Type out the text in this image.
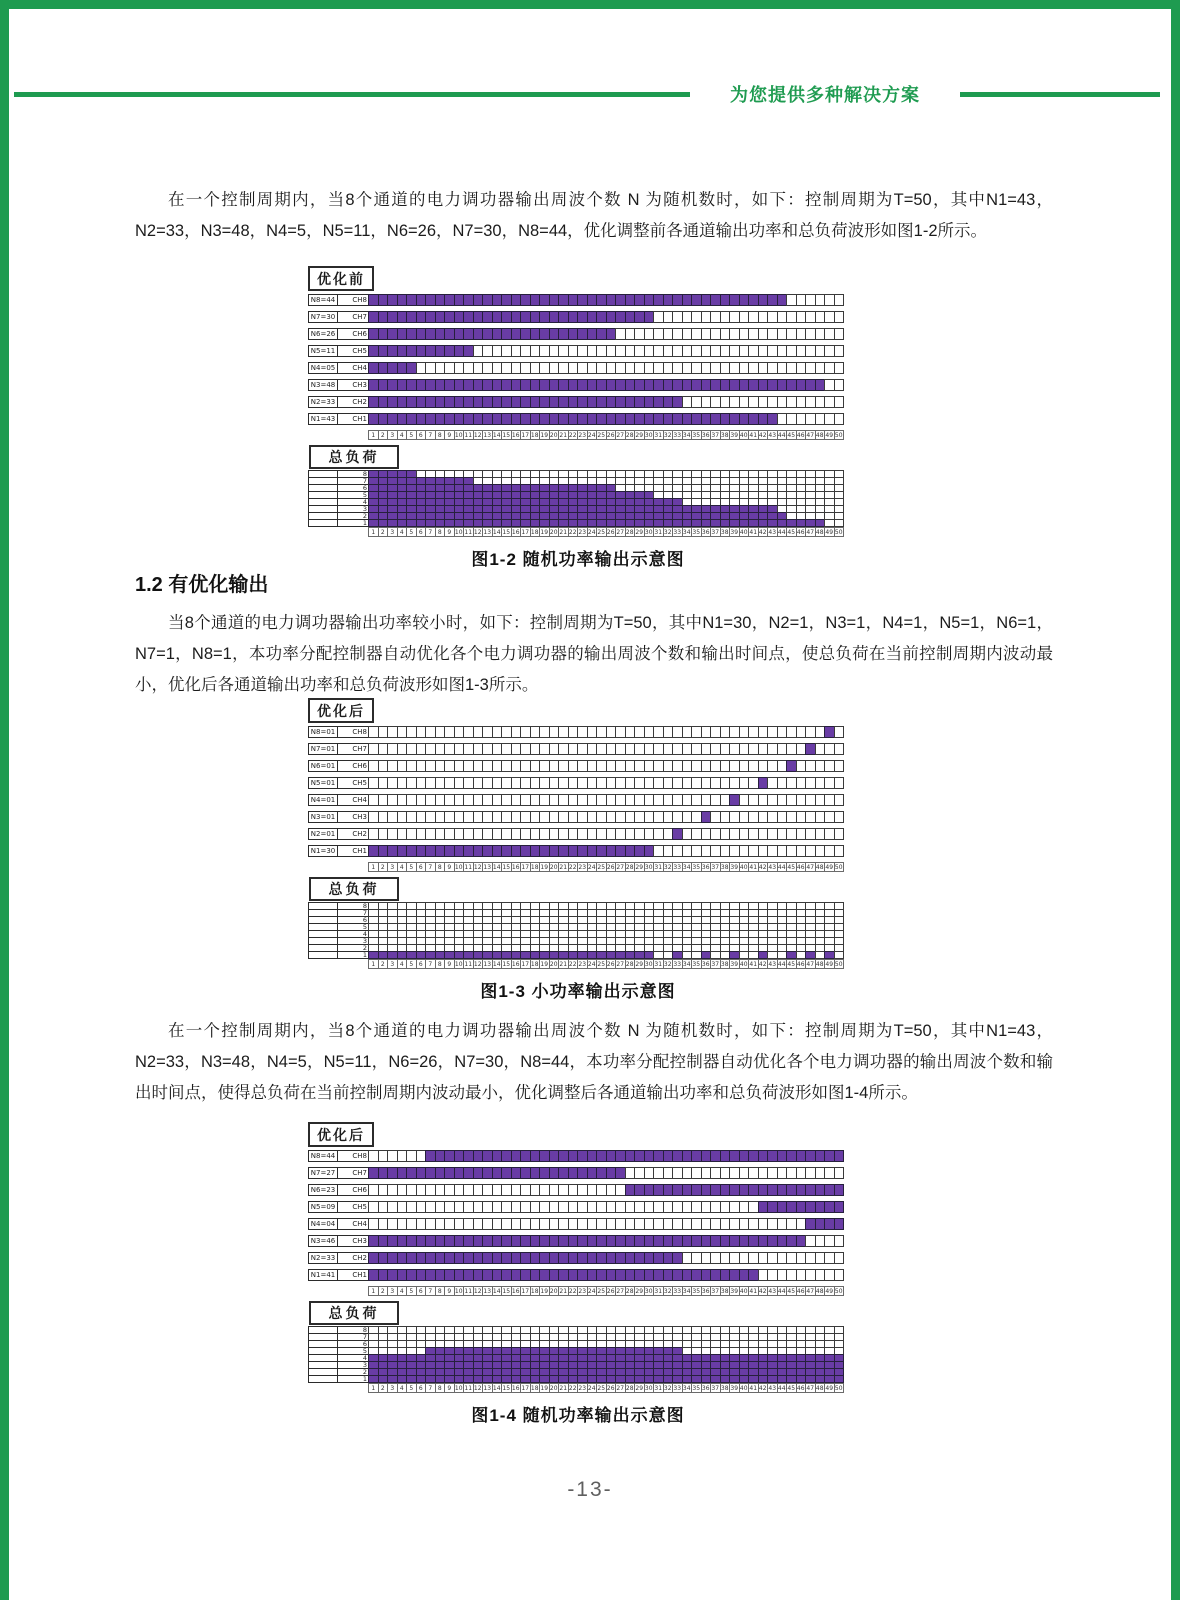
为您提供多种解决方案
在一个控制周期内，当8个通道的电力调功器输出周波个数 N 为随机数时，如下：控制周期为T=50，其中N1=43，N2=33，N3=48，N4=5，N5=11，N6=26，N7=30，N8=44，优化调整前各通道输出功率和总负荷波形如图1-2所示。
优化前
N8=44	CH8
N7=30	CH7
N6=26	CH6
N5=11	CH5
N4=05	CH4
N3=48	CH3
N2=33	CH2
N1=43	CH1
1 2 3 4 5 6 7 8 9 10 11 12 13 14 15 16 17 18 19 20 21 22 23 24 25 26 27 28 29 30 31 32 33 34 35 36 37 38 39 40 41 42 43 44 45 46 47 48 49 50
总负荷
8
7
6
5
4
3
2
1
1 2 3 4 5 6 7 8 9 10 11 12 13 14 15 16 17 18 19 20 21 22 23 24 25 26 27 28 29 30 31 32 33 34 35 36 37 38 39 40 41 42 43 44 45 46 47 48 49 50
图1-2 随机功率输出示意图
1.2 有优化输出
当8个通道的电力调功器输出功率较小时，如下：控制周期为T=50，其中N1=30，N2=1，N3=1，N4=1，N5=1，N6=1，N7=1，N8=1，本功率分配控制器自动优化各个电力调功器的输出周波个数和输出时间点，使总负荷在当前控制周期内波动最小，优化后各通道输出功率和总负荷波形如图1-3所示。
优化后
N8=01	CH8
N7=01	CH7
N6=01	CH6
N5=01	CH5
N4=01	CH4
N3=01	CH3
N2=01	CH2
N1=30	CH1
1 2 3 4 5 6 7 8 9 10 11 12 13 14 15 16 17 18 19 20 21 22 23 24 25 26 27 28 29 30 31 32 33 34 35 36 37 38 39 40 41 42 43 44 45 46 47 48 49 50
总负荷
8
7
6
5
4
3
2
1
1 2 3 4 5 6 7 8 9 10 11 12 13 14 15 16 17 18 19 20 21 22 23 24 25 26 27 28 29 30 31 32 33 34 35 36 37 38 39 40 41 42 43 44 45 46 47 48 49 50
图1-3 小功率输出示意图
在一个控制周期内，当8个通道的电力调功器输出周波个数 N 为随机数时，如下：控制周期为T=50，其中N1=43，N2=33，N3=48，N4=5，N5=11，N6=26，N7=30，N8=44，本功率分配控制器自动优化各个电力调功器的输出周波个数和输出时间点，使得总负荷在当前控制周期内波动最小，优化调整后各通道输出功率和总负荷波形如图1-4所示。
优化后
N8=44	CH8
N7=27	CH7
N6=23	CH6
N5=09	CH5
N4=04	CH4
N3=46	CH3
N2=33	CH2
N1=41	CH1
1 2 3 4 5 6 7 8 9 10 11 12 13 14 15 16 17 18 19 20 21 22 23 24 25 26 27 28 29 30 31 32 33 34 35 36 37 38 39 40 41 42 43 44 45 46 47 48 49 50
总负荷
8
7
6
5
4
3
2
1
1 2 3 4 5 6 7 8 9 10 11 12 13 14 15 16 17 18 19 20 21 22 23 24 25 26 27 28 29 30 31 32 33 34 35 36 37 38 39 40 41 42 43 44 45 46 47 48 49 50
图1-4 随机功率输出示意图
-13-
